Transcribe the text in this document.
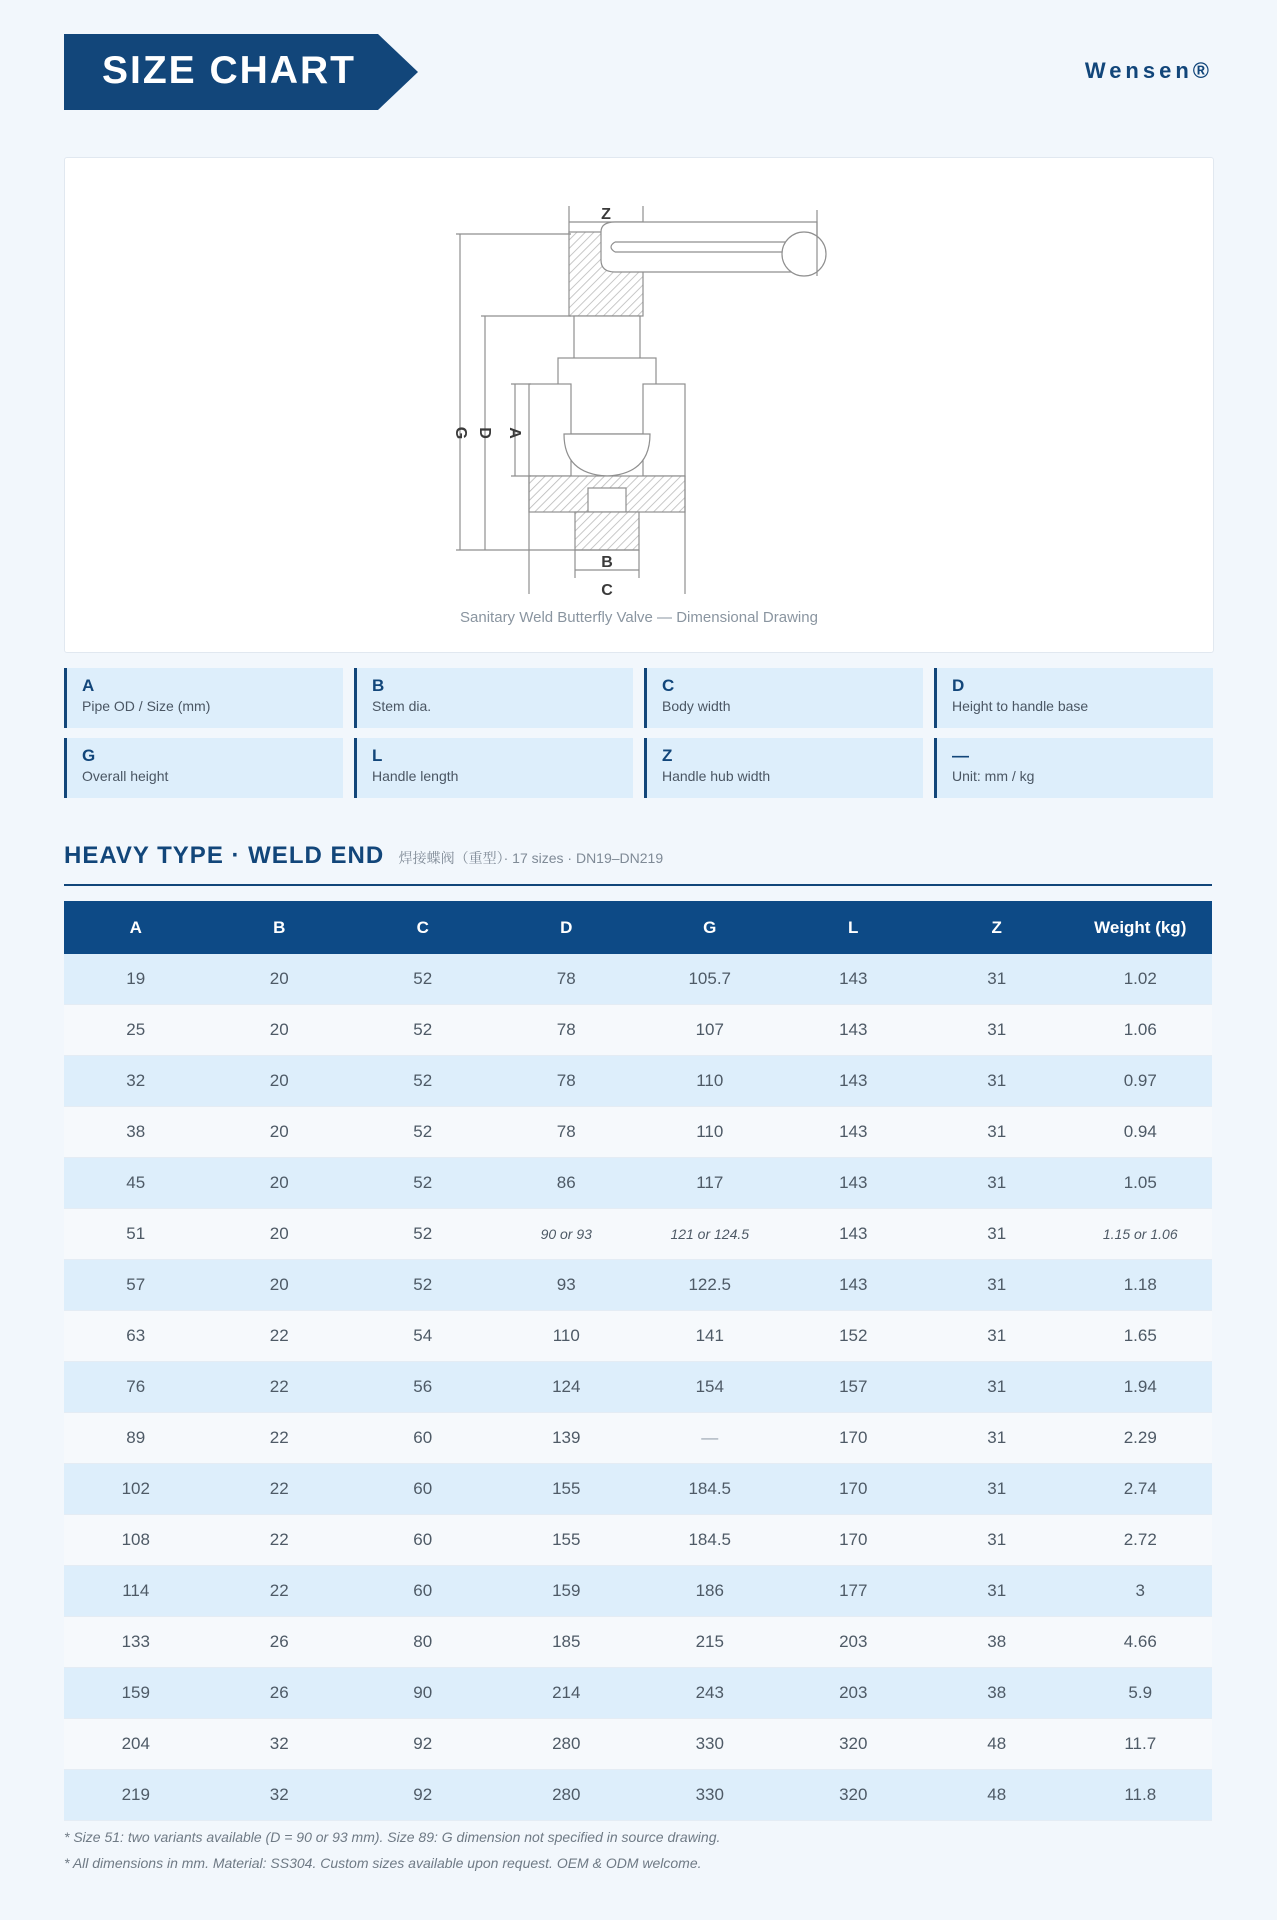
SIZE CHART	Wensen®
Z
B
C
G D A
Sanitary Weld Butterfly Valve — Dimensional Drawing
A
Pipe OD / Size (mm)
B
Stem dia.
C
Body width
D
Height to handle base
G
Overall height
L
Handle length
Z
Handle hub width
—
Unit: mm / kg
HEAVY TYPE · WELD END 焊接蝶阀（重型）· 17 sizes · DN19–DN219
A	B	C	D	G	L	Z	Weight (kg)
19	20	52	78	105.7	143	31	1.02
25	20	52	78	107	143	31	1.06
32	20	52	78	110	143	31	0.97
38	20	52	78	110	143	31	0.94
45	20	52	86	117	143	31	1.05
51	20	52	90 or 93	121 or 124.5	143	31	1.15 or 1.06
57	20	52	93	122.5	143	31	1.18
63	22	54	110	141	152	31	1.65
76	22	56	124	154	157	31	1.94
89	22	60	139	—	170	31	2.29
102	22	60	155	184.5	170	31	2.74
108	22	60	155	184.5	170	31	2.72
114	22	60	159	186	177	31	3
133	26	80	185	215	203	38	4.66
159	26	90	214	243	203	38	5.9
204	32	92	280	330	320	48	11.7
219	32	92	280	330	320	48	11.8
* Size 51: two variants available (D = 90 or 93 mm). Size 89: G dimension not specified in source drawing.
* All dimensions in mm. Material: SS304. Custom sizes available upon request. OEM & ODM welcome.
